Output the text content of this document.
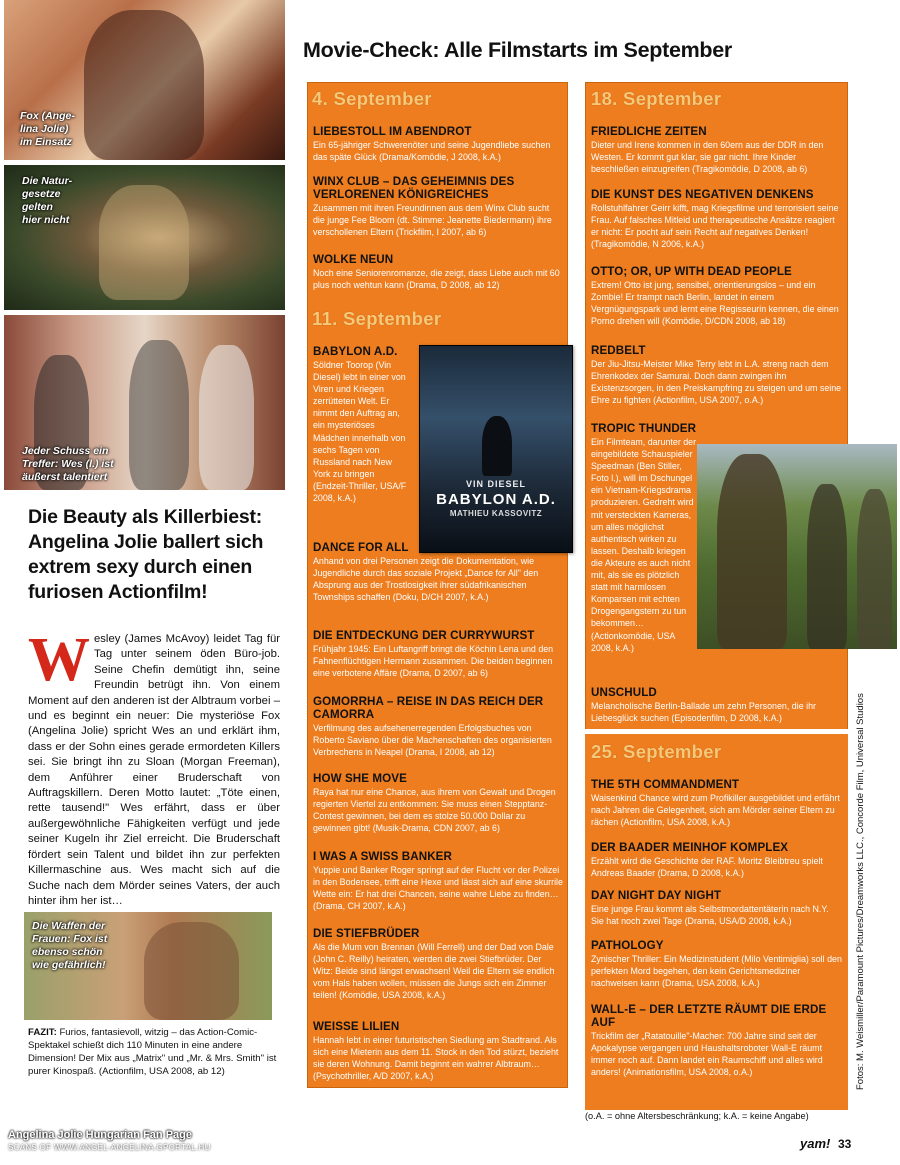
Fox (Ange-
lina Jolie)
im Einsatz
Die Natur-
gesetze
gelten
hier nicht
Jeder Schuss ein
Treffer: Wes (l.) ist
äußerst talentiert
Die Beauty als Killerbiest: Angelina Jolie ballert sich extrem sexy durch einen furiosen Actionfilm!
Wesley (James McAvoy) leidet Tag für Tag unter seinem öden Büro-job. Seine Chefin demütigt ihn, seine Freundin betrügt ihn. Von einem Moment auf den anderen ist der Albtraum vorbei – und es beginnt ein neuer: Die mysteriöse Fox (Angelina Jolie) spricht Wes an und erklärt ihm, dass er der Sohn eines gerade ermordeten Killers sei. Sie bringt ihn zu Sloan (Morgan Freeman), dem Anführer einer Bruderschaft von Auftragskillern. Deren Motto lautet: „Töte einen, rette tausend!" Wes erfährt, dass er über außergewöhnliche Fähigkeiten verfügt und jede seiner Kugeln ihr Ziel erreicht. Die Bruderschaft fördert sein Talent und bildet ihn zur perfekten Killermaschine aus. Wes macht sich auf die Suche nach dem Mörder seines Vaters, der auch hinter ihm her ist…
Die Waffen der
Frauen: Fox ist
ebenso schön
wie gefährlich!
FAZIT: Furios, fantasievoll, witzig – das Action-Comic-Spektakel schießt dich 110 Minuten in eine andere Dimension! Der Mix aus „Matrix" und „Mr. & Mrs. Smith" ist purer Kinospaß. (Actionfilm, USA 2008, ab 12)
Movie-Check: Alle Filmstarts im September
4. September
LIEBESTOLL IM ABENDROT
Ein 65-jähriger Schwerenöter und seine Jugendliebe suchen das späte Glück (Drama/Komödie, J 2008, k.A.)
WINX CLUB – DAS GEHEIMNIS DES VERLORENEN KÖNIGREICHES
Zusammen mit ihren Freundinnen aus dem Winx Club sucht die junge Fee Bloom (dt. Stimme: Jeanette Biedermann) ihre verschollenen Eltern (Trickfilm, I 2007, ab 6)
WOLKE NEUN
Noch eine Seniorenromanze, die zeigt, dass Liebe auch mit 60 plus noch wehtun kann (Drama, D 2008, ab 12)
11. September
BABYLON A.D.
Söldner Toorop (Vin Diesel) lebt in einer von Viren und Kriegen zerrütteten Welt. Er nimmt den Auftrag an, ein mysteriöses Mädchen innerhalb von sechs Tagen von Russland nach New York zu bringen (Endzeit-Thriller, USA/F 2008, k.A.)
VIN DIESEL
BABYLON A.D.
MATHIEU KASSOVITZ
DANCE FOR ALL
Anhand von drei Personen zeigt die Dokumentation, wie Jugendliche durch das soziale Projekt „Dance for All" den Absprung aus der Trostlosigkeit ihrer südafrikanischen Townships schaffen (Doku, D/CH 2007, k.A.)
DIE ENTDECKUNG DER CURRYWURST
Frühjahr 1945: Ein Luftangriff bringt die Köchin Lena und den Fahnenflüchtigen Hermann zusammen. Die beiden beginnen eine verbotene Affäre (Drama, D 2007, ab 6)
GOMORRHA – REISE IN DAS REICH DER CAMORRA
Verfilmung des aufsehenerregenden Erfolgsbuches von Roberto Saviano über die Machenschaften des organisierten Verbrechens in Neapel (Drama, I 2008, ab 12)
HOW SHE MOVE
Raya hat nur eine Chance, aus ihrem von Gewalt und Drogen regierten Viertel zu entkommen: Sie muss einen Stepptanz-Contest gewinnen, bei dem es stolze 50.000 Dollar zu gewinnen gibt! (Musik-Drama, CDN 2007, ab 6)
I WAS A SWISS BANKER
Yuppie und Banker Roger springt auf der Flucht vor der Polizei in den Bodensee, trifft eine Hexe und lässt sich auf eine skurrile Wette ein: Er hat drei Chancen, seine wahre Liebe zu finden… (Drama, CH 2007, k.A.)
DIE STIEFBRÜDER
Als die Mum von Brennan (Will Ferrell) und der Dad von Dale (John C. Reilly) heiraten, werden die zwei Stiefbrüder. Der Witz: Beide sind längst erwachsen! Weil die Eltern sie endlich vom Hals haben wollen, müssen die Jungs sich ein Zimmer teilen! (Komödie, USA 2008, k.A.)
WEISSE LILIEN
Hannah lebt in einer futuristischen Siedlung am Stadtrand. Als sich eine Mieterin aus dem 11. Stock in den Tod stürzt, bezieht sie deren Wohnung. Damit beginnt ein wahrer Albtraum… (Psychothriller, A/D 2007, k.A.)
18. September
FRIEDLICHE ZEITEN
Dieter und Irene kommen in den 60ern aus der DDR in den Westen. Er kommt gut klar, sie gar nicht. Ihre Kinder beschließen einzugreifen (Tragikomödie, D 2008, ab 6)
DIE KUNST DES NEGATIVEN DENKENS
Rollstuhlfahrer Geirr kifft, mag Kriegsfilme und terrorisiert seine Frau. Auf falsches Mitleid und therapeutische Ansätze reagiert er nicht: Er pocht auf sein Recht auf negatives Denken! (Tragikomödie, N 2006, k.A.)
OTTO; OR, UP WITH DEAD PEOPLE
Extrem! Otto ist jung, sensibel, orientierungslos – und ein Zombie! Er trampt nach Berlin, landet in einem Vergnügungspark und lernt eine Regisseurin kennen, die einen Porno drehen will (Komödie, D/CDN 2008, ab 18)
REDBELT
Der Jiu-Jitsu-Meister Mike Terry lebt in L.A. streng nach dem Ehrenkodex der Samurai. Doch dann zwingen ihn Existenzsorgen, in den Preiskampfring zu steigen und um seine Ehre zu fighten (Actionfilm, USA 2007, o.A.)
TROPIC THUNDER
Ein Filmteam, darunter der eingebildete Schauspieler Speedman (Ben Stiller, Foto l.), will im Dschungel ein Vietnam-Kriegsdrama produzieren. Gedreht wird mit versteckten Kameras, um alles möglichst authentisch wirken zu lassen. Deshalb kriegen die Akteure es auch nicht mit, als sie es plötzlich statt mit harmlosen Komparsen mit echten Drogengangstern zu tun bekommen… (Actionkomödie, USA 2008, k.A.)
UNSCHULD
Melancholische Berlin-Ballade um zehn Personen, die ihr Liebesglück suchen (Episodenfilm, D 2008, k.A.)
25. September
THE 5TH COMMANDMENT
Waisenkind Chance wird zum Profikiller ausgebildet und erfährt nach Jahren die Gelegenheit, sich am Mörder seiner Eltern zu rächen (Actionfilm, USA 2008, k.A.)
DER BAADER MEINHOF KOMPLEX
Erzählt wird die Geschichte der RAF. Moritz Bleibtreu spielt Andreas Baader (Drama, D 2008, k.A.)
DAY NIGHT DAY NIGHT
Eine junge Frau kommt als Selbstmordattentäterin nach N.Y. Sie hat noch zwei Tage (Drama, USA/D 2008, k.A.)
PATHOLOGY
Zynischer Thriller: Ein Medizinstudent (Milo Ventimiglia) soll den perfekten Mord begehen, den kein Gerichtsmediziner nachweisen kann (Drama, USA 2008, k.A.)
WALL-E – DER LETZTE RÄUMT DIE ERDE AUF
Trickfilm der „Ratatouille"-Macher: 700 Jahre sind seit der Apokalypse vergangen und Haushaltsroboter Wall-E räumt immer noch auf. Dann landet ein Raumschiff und alles wird anders! (Animationsfilm, USA 2008, o.A.)
(o.A. = ohne Altersbeschränkung; k.A. = keine Angabe)
Fotos: M. Weismiller/Paramount Pictures/Dreamworks LLC., Concorde Film, Universal Studios
yam! 33
Angelina Jolie Hungarian Fan Page
SCANS OF WWW.ANGEL-ANGELINA.GPORTAL.HU
